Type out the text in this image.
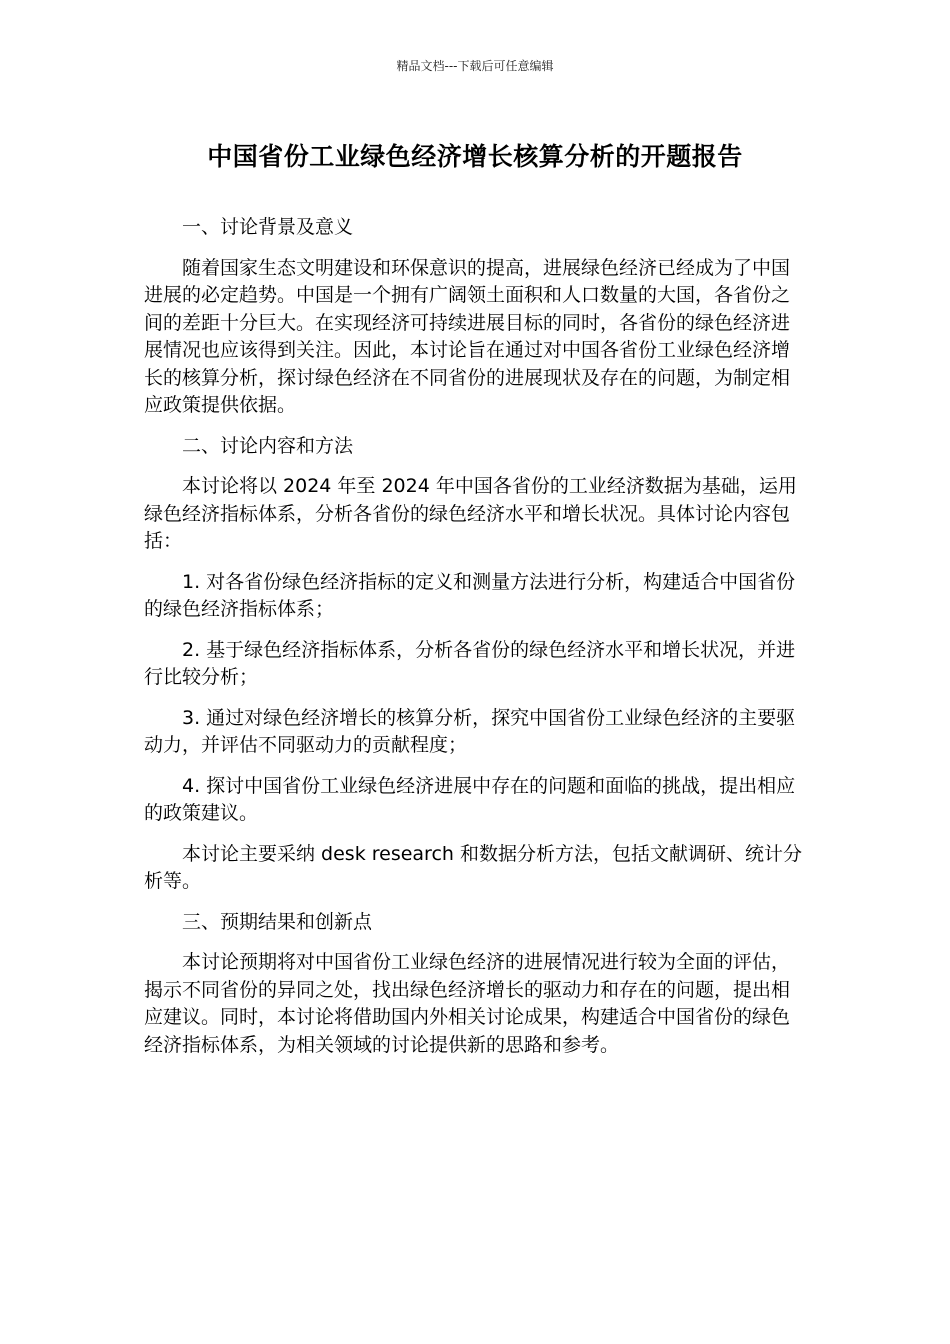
精品文档---下载后可任意编辑
中国省份工业绿色经济增长核算分析的开题报告

一、讨论背景及意义

随着国家生态文明建设和环保意识的提高，进展绿色经济已经成为了中国进展的必定趋势。中国是一个拥有广阔领土面积和人口数量的大国，各省份之间的差距十分巨大。在实现经济可持续进展目标的同时，各省份的绿色经济进展情况也应该得到关注。因此，本讨论旨在通过对中国各省份工业绿色经济增长的核算分析，探讨绿色经济在不同省份的进展现状及存在的问题，为制定相应政策提供依据。

二、讨论内容和方法

本讨论将以 2024 年至 2024 年中国各省份的工业经济数据为基础，运用绿色经济指标体系，分析各省份的绿色经济水平和增长状况。具体讨论内容包括：

1. 对各省份绿色经济指标的定义和测量方法进行分析，构建适合中国省份的绿色经济指标体系；

2. 基于绿色经济指标体系，分析各省份的绿色经济水平和增长状况，并进行比较分析；

3. 通过对绿色经济增长的核算分析，探究中国省份工业绿色经济的主要驱动力，并评估不同驱动力的贡献程度；

4. 探讨中国省份工业绿色经济进展中存在的问题和面临的挑战，提出相应的政策建议。

本讨论主要采纳 desk research 和数据分析方法，包括文献调研、统计分析等。

三、预期结果和创新点

本讨论预期将对中国省份工业绿色经济的进展情况进行较为全面的评估，揭示不同省份的异同之处，找出绿色经济增长的驱动力和存在的问题，提出相应建议。同时，本讨论将借助国内外相关讨论成果，构建适合中国省份的绿色经济指标体系，为相关领域的讨论提供新的思路和参考。
